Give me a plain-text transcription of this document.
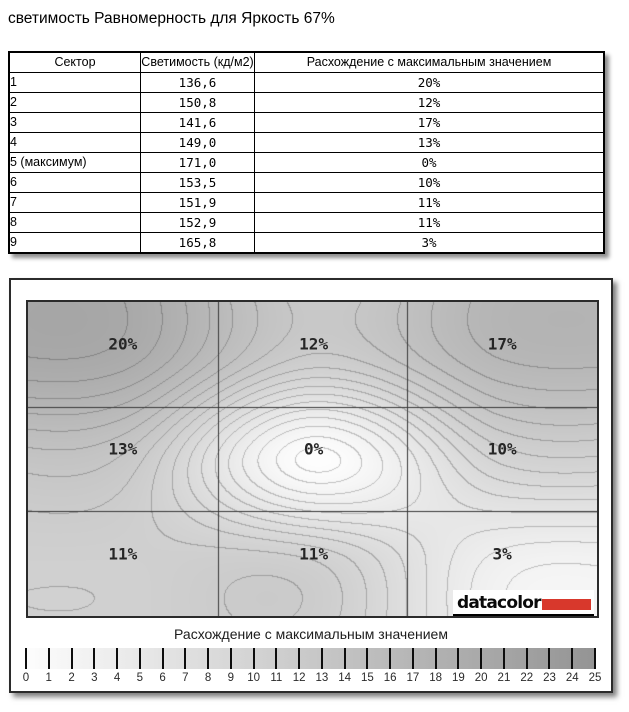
светимость Равномерность для Яркость 67%
Сектор	Светимость (кд/м2)	Расхождение с максимальным значением
1	136,6	20%
2	150,8	12%
3	141,6	17%
4	149,0	13%
5 (максимум)	171,0	0%
6	153,5	10%
7	151,9	11%
8	152,9	11%
9	165,8	3%
20%	12%	17%
13%	0%	10%
11%	11%	3%
datacolor
Расхождение с максимальным значением
0 1 2 3 4 5 6 7 8 9 10 11 12 13 14 15 16 17 18 19 20 21 22 23 24 25
